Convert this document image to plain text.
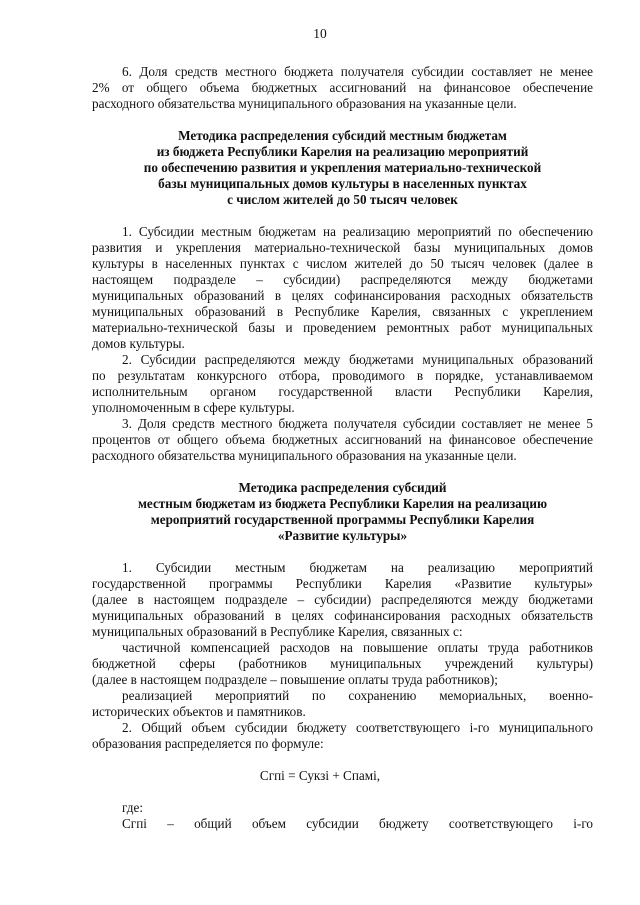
10
6. Доля средств местного бюджета получателя субсидии составляет не менее
2% от общего объема бюджетных ассигнований на финансовое обеспечение
расходного обязательства муниципального образования на указанные цели.
Методика распределения субсидий местным бюджетам
из бюджета Республики Карелия на реализацию мероприятий
по обеспечению развития и укрепления материально-технической
базы муниципальных домов культуры в населенных пунктах
с числом жителей до 50 тысяч человек
1. Субсидии местным бюджетам на реализацию мероприятий по обеспечению
развития и укрепления материально-технической базы муниципальных домов
культуры в населенных пунктах с числом жителей до 50 тысяч человек (далее в
настоящем подразделе – субсидии) распределяются между бюджетами
муниципальных образований в целях софинансирования расходных обязательств
муниципальных образований в Республике Карелия, связанных с укреплением
материально-технической базы и проведением ремонтных работ муниципальных
домов культуры.
2. Субсидии распределяются между бюджетами муниципальных образований
по результатам конкурсного отбора, проводимого в порядке, устанавливаемом
исполнительным органом государственной власти Республики Карелия,
уполномоченным в сфере культуры.
3. Доля средств местного бюджета получателя субсидии составляет не менее 5
процентов от общего объема бюджетных ассигнований на финансовое обеспечение
расходного обязательства муниципального образования на указанные цели.
Методика распределения субсидий
местным бюджетам из бюджета Республики Карелия на реализацию
мероприятий государственной программы Республики Карелия
«Развитие культуры»
1. Субсидии местным бюджетам на реализацию мероприятий
государственной программы Республики Карелия «Развитие культуры»
(далее в настоящем подразделе – субсидии) распределяются между бюджетами
муниципальных образований в целях софинансирования расходных обязательств
муниципальных образований в Республике Карелия, связанных с:
частичной компенсацией расходов на повышение оплаты труда работников
бюджетной сферы (работников муниципальных учреждений культуры)
(далее в настоящем подразделе – повышение оплаты труда работников);
реализацией мероприятий по сохранению мемориальных, военно-
исторических объектов и памятников.
2. Общий объем субсидии бюджету соответствующего i-го муниципального
образования распределяется по формуле:
Сгпi = Сукзi + Спамi,
где:
Сгпi – общий объем субсидии бюджету соответствующего i-го
